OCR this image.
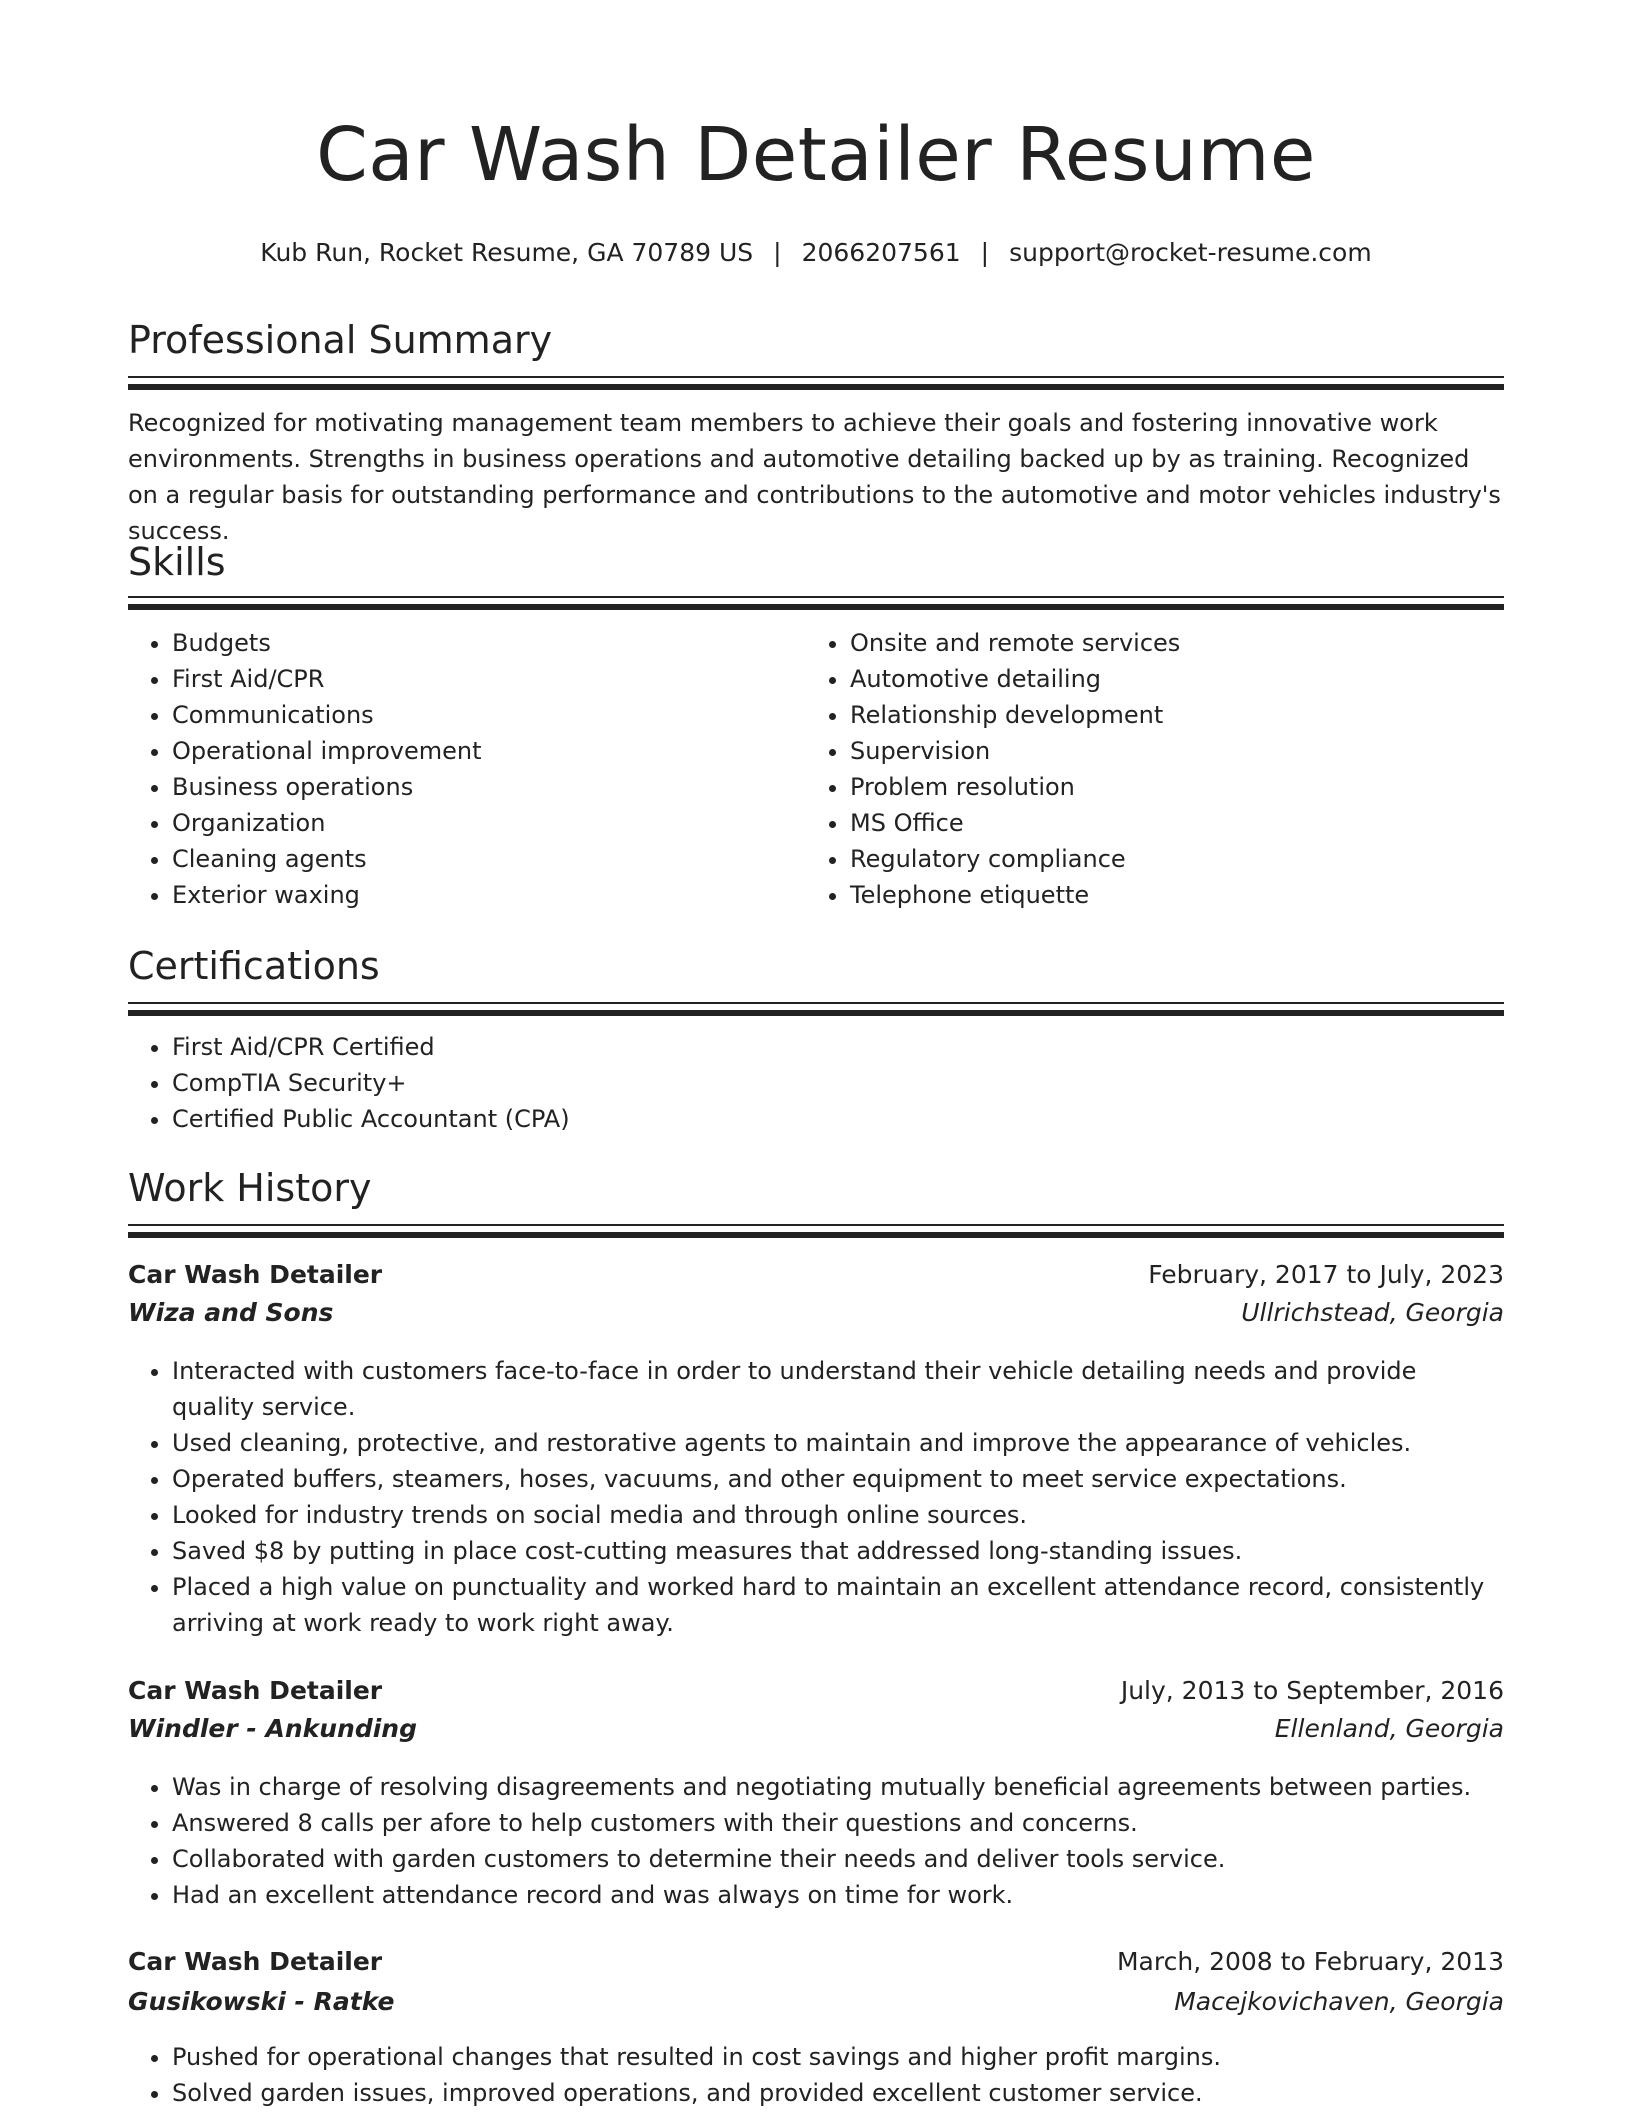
Car Wash Detailer Resume
Kub Run, Rocket Resume, GA 70789 US | 2066207561 | support@rocket-resume.com
Professional Summary

Recognized for motivating management team members to achieve their goals and fostering innovative work environments. Strengths in business operations and automotive detailing backed up by as training. Recognized on a regular basis for outstanding performance and contributions to the automotive and motor vehicles industry's success.

Skills
• Budgets
• First Aid/CPR
• Communications
• Operational improvement
• Business operations
• Organization
• Cleaning agents
• Exterior waxing
• Onsite and remote services
• Automotive detailing
• Relationship development
• Supervision
• Problem resolution
• MS Office
• Regulatory compliance
• Telephone etiquette
Certifications
• First Aid/CPR Certified
• CompTIA Security+
• Certified Public Accountant (CPA)
Work History
Car Wash Detailer	February, 2017 to July, 2023
Wiza and Sons	Ullrichstead, Georgia
• Interacted with customers face-to-face in order to understand their vehicle detailing needs and provide quality service.
• Used cleaning, protective, and restorative agents to maintain and improve the appearance of vehicles.
• Operated buffers, steamers, hoses, vacuums, and other equipment to meet service expectations.
• Looked for industry trends on social media and through online sources.
• Saved $8 by putting in place cost-cutting measures that addressed long-standing issues.
• Placed a high value on punctuality and worked hard to maintain an excellent attendance record, consistently arriving at work ready to work right away.
Car Wash Detailer	July, 2013 to September, 2016
Windler - Ankunding	Ellenland, Georgia
• Was in charge of resolving disagreements and negotiating mutually beneficial agreements between parties.
• Answered 8 calls per afore to help customers with their questions and concerns.
• Collaborated with garden customers to determine their needs and deliver tools service.
• Had an excellent attendance record and was always on time for work.
Car Wash Detailer	March, 2008 to February, 2013
Gusikowski - Ratke	Macejkovichaven, Georgia
• Pushed for operational changes that resulted in cost savings and higher profit margins.
• Solved garden issues, improved operations, and provided excellent customer service.
